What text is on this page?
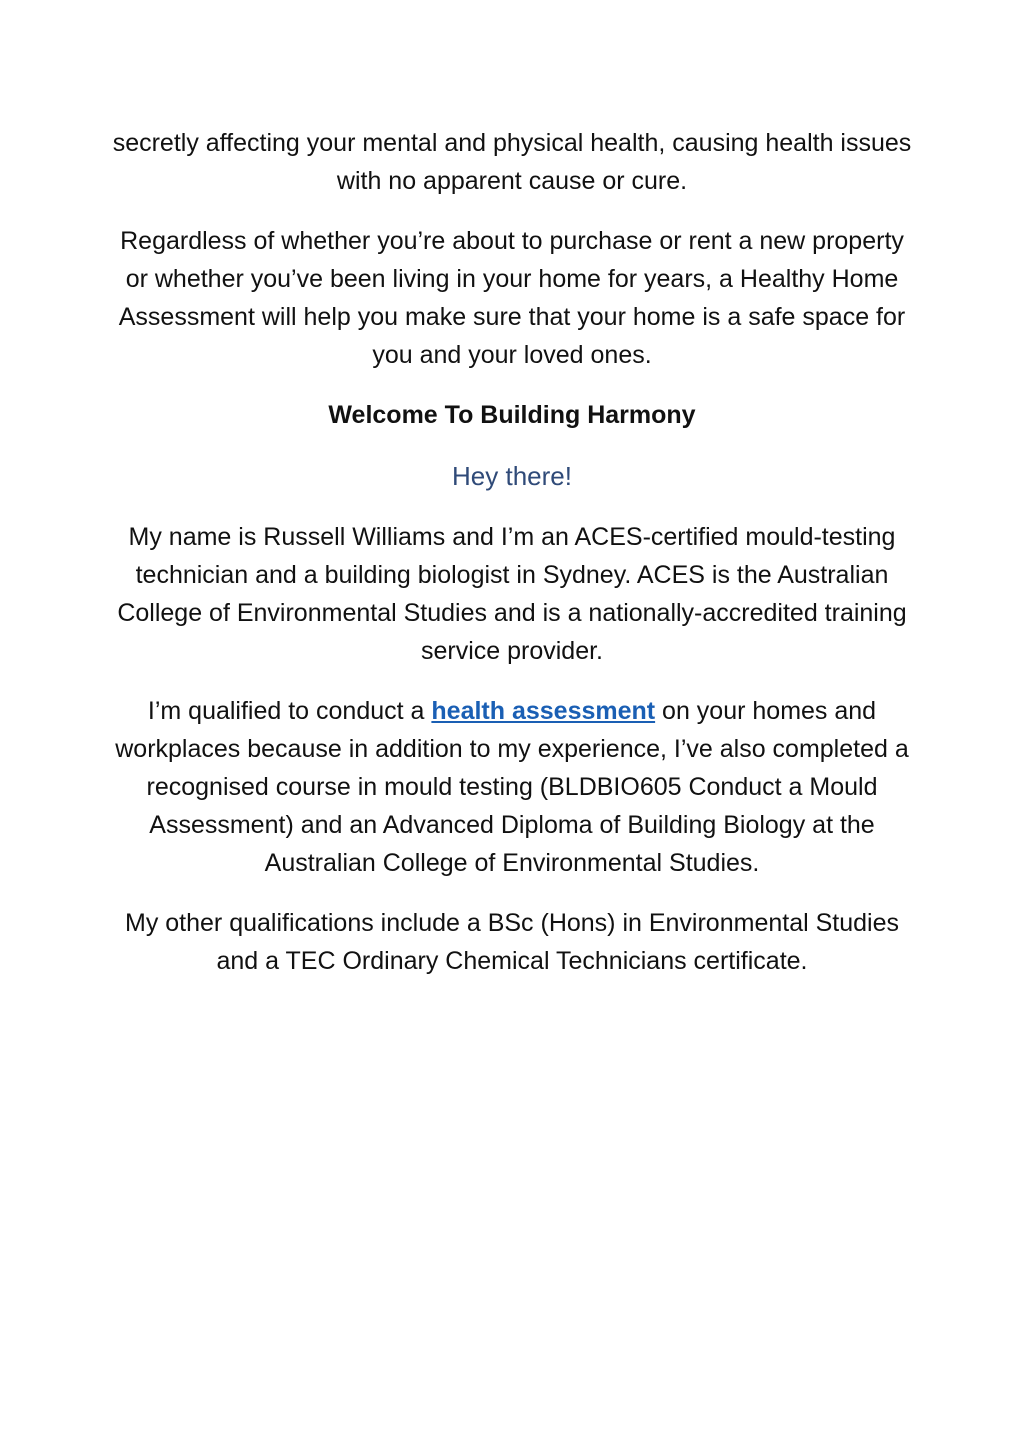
secretly affecting your mental and physical health, causing health issues with no apparent cause or cure.

Regardless of whether you’re about to purchase or rent a new property or whether you’ve been living in your home for years, a Healthy Home Assessment will help you make sure that your home is a safe space for you and your loved ones.

Welcome To Building Harmony

Hey there!

My name is Russell Williams and I’m an ACES-certified mould-testing technician and a building biologist in Sydney. ACES is the Australian College of Environmental Studies and is a nationally-accredited training service provider.

I’m qualified to conduct a health assessment on your homes and workplaces because in addition to my experience, I’ve also completed a recognised course in mould testing (BLDBIO605 Conduct a Mould Assessment) and an Advanced Diploma of Building Biology at the Australian College of Environmental Studies.

My other qualifications include a BSc (Hons) in Environmental Studies and a TEC Ordinary Chemical Technicians certificate.
